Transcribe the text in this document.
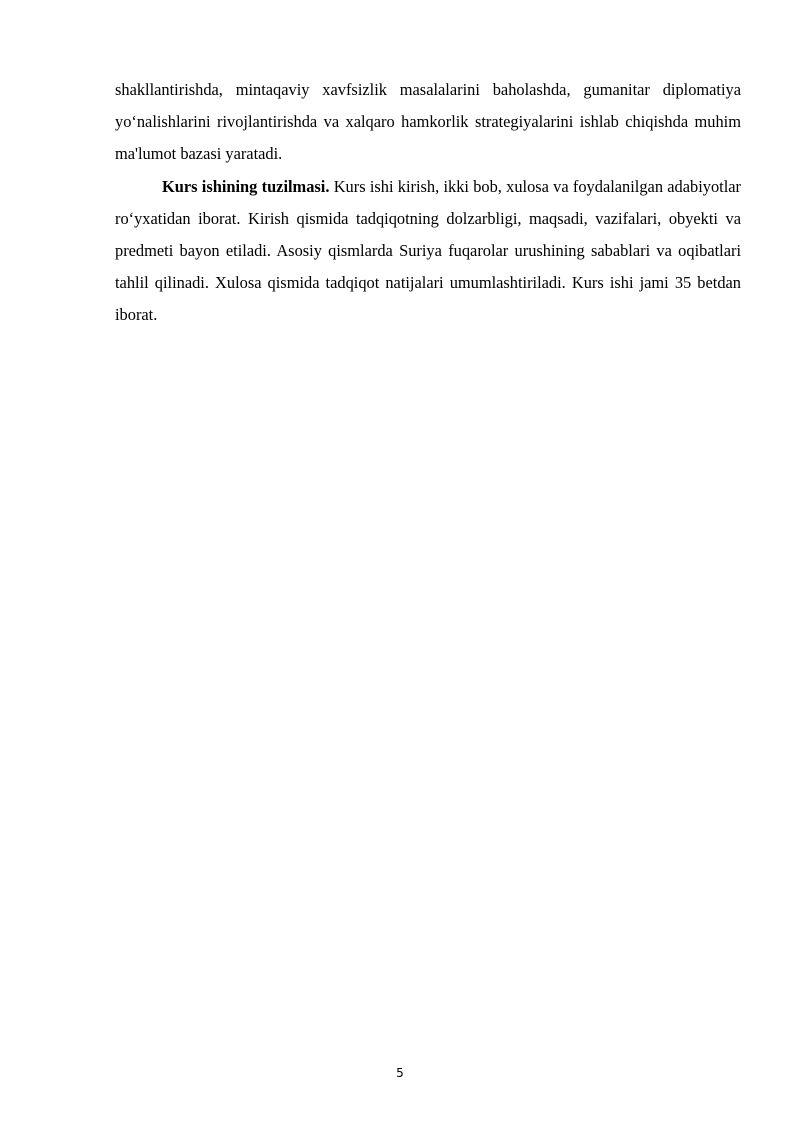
shakllantirishda, mintaqaviy xavfsizlik masalalarini baholashda, gumanitar diplomatiya yo‘nalishlarini rivojlantirishda va xalqaro hamkorlik strategiyalarini ishlab chiqishda muhim ma'lumot bazasi yaratadi.

Kurs ishining tuzilmasi. Kurs ishi kirish, ikki bob, xulosa va foydalanilgan adabiyotlar ro‘yxatidan iborat. Kirish qismida tadqiqotning dolzarbligi, maqsadi, vazifalari, obyekti va predmeti bayon etiladi. Asosiy qismlarda Suriya fuqarolar urushining sabablari va oqibatlari tahlil qilinadi. Xulosa qismida tadqiqot natijalari umumlashtiriladi. Kurs ishi jami 35 betdan iborat.

5
